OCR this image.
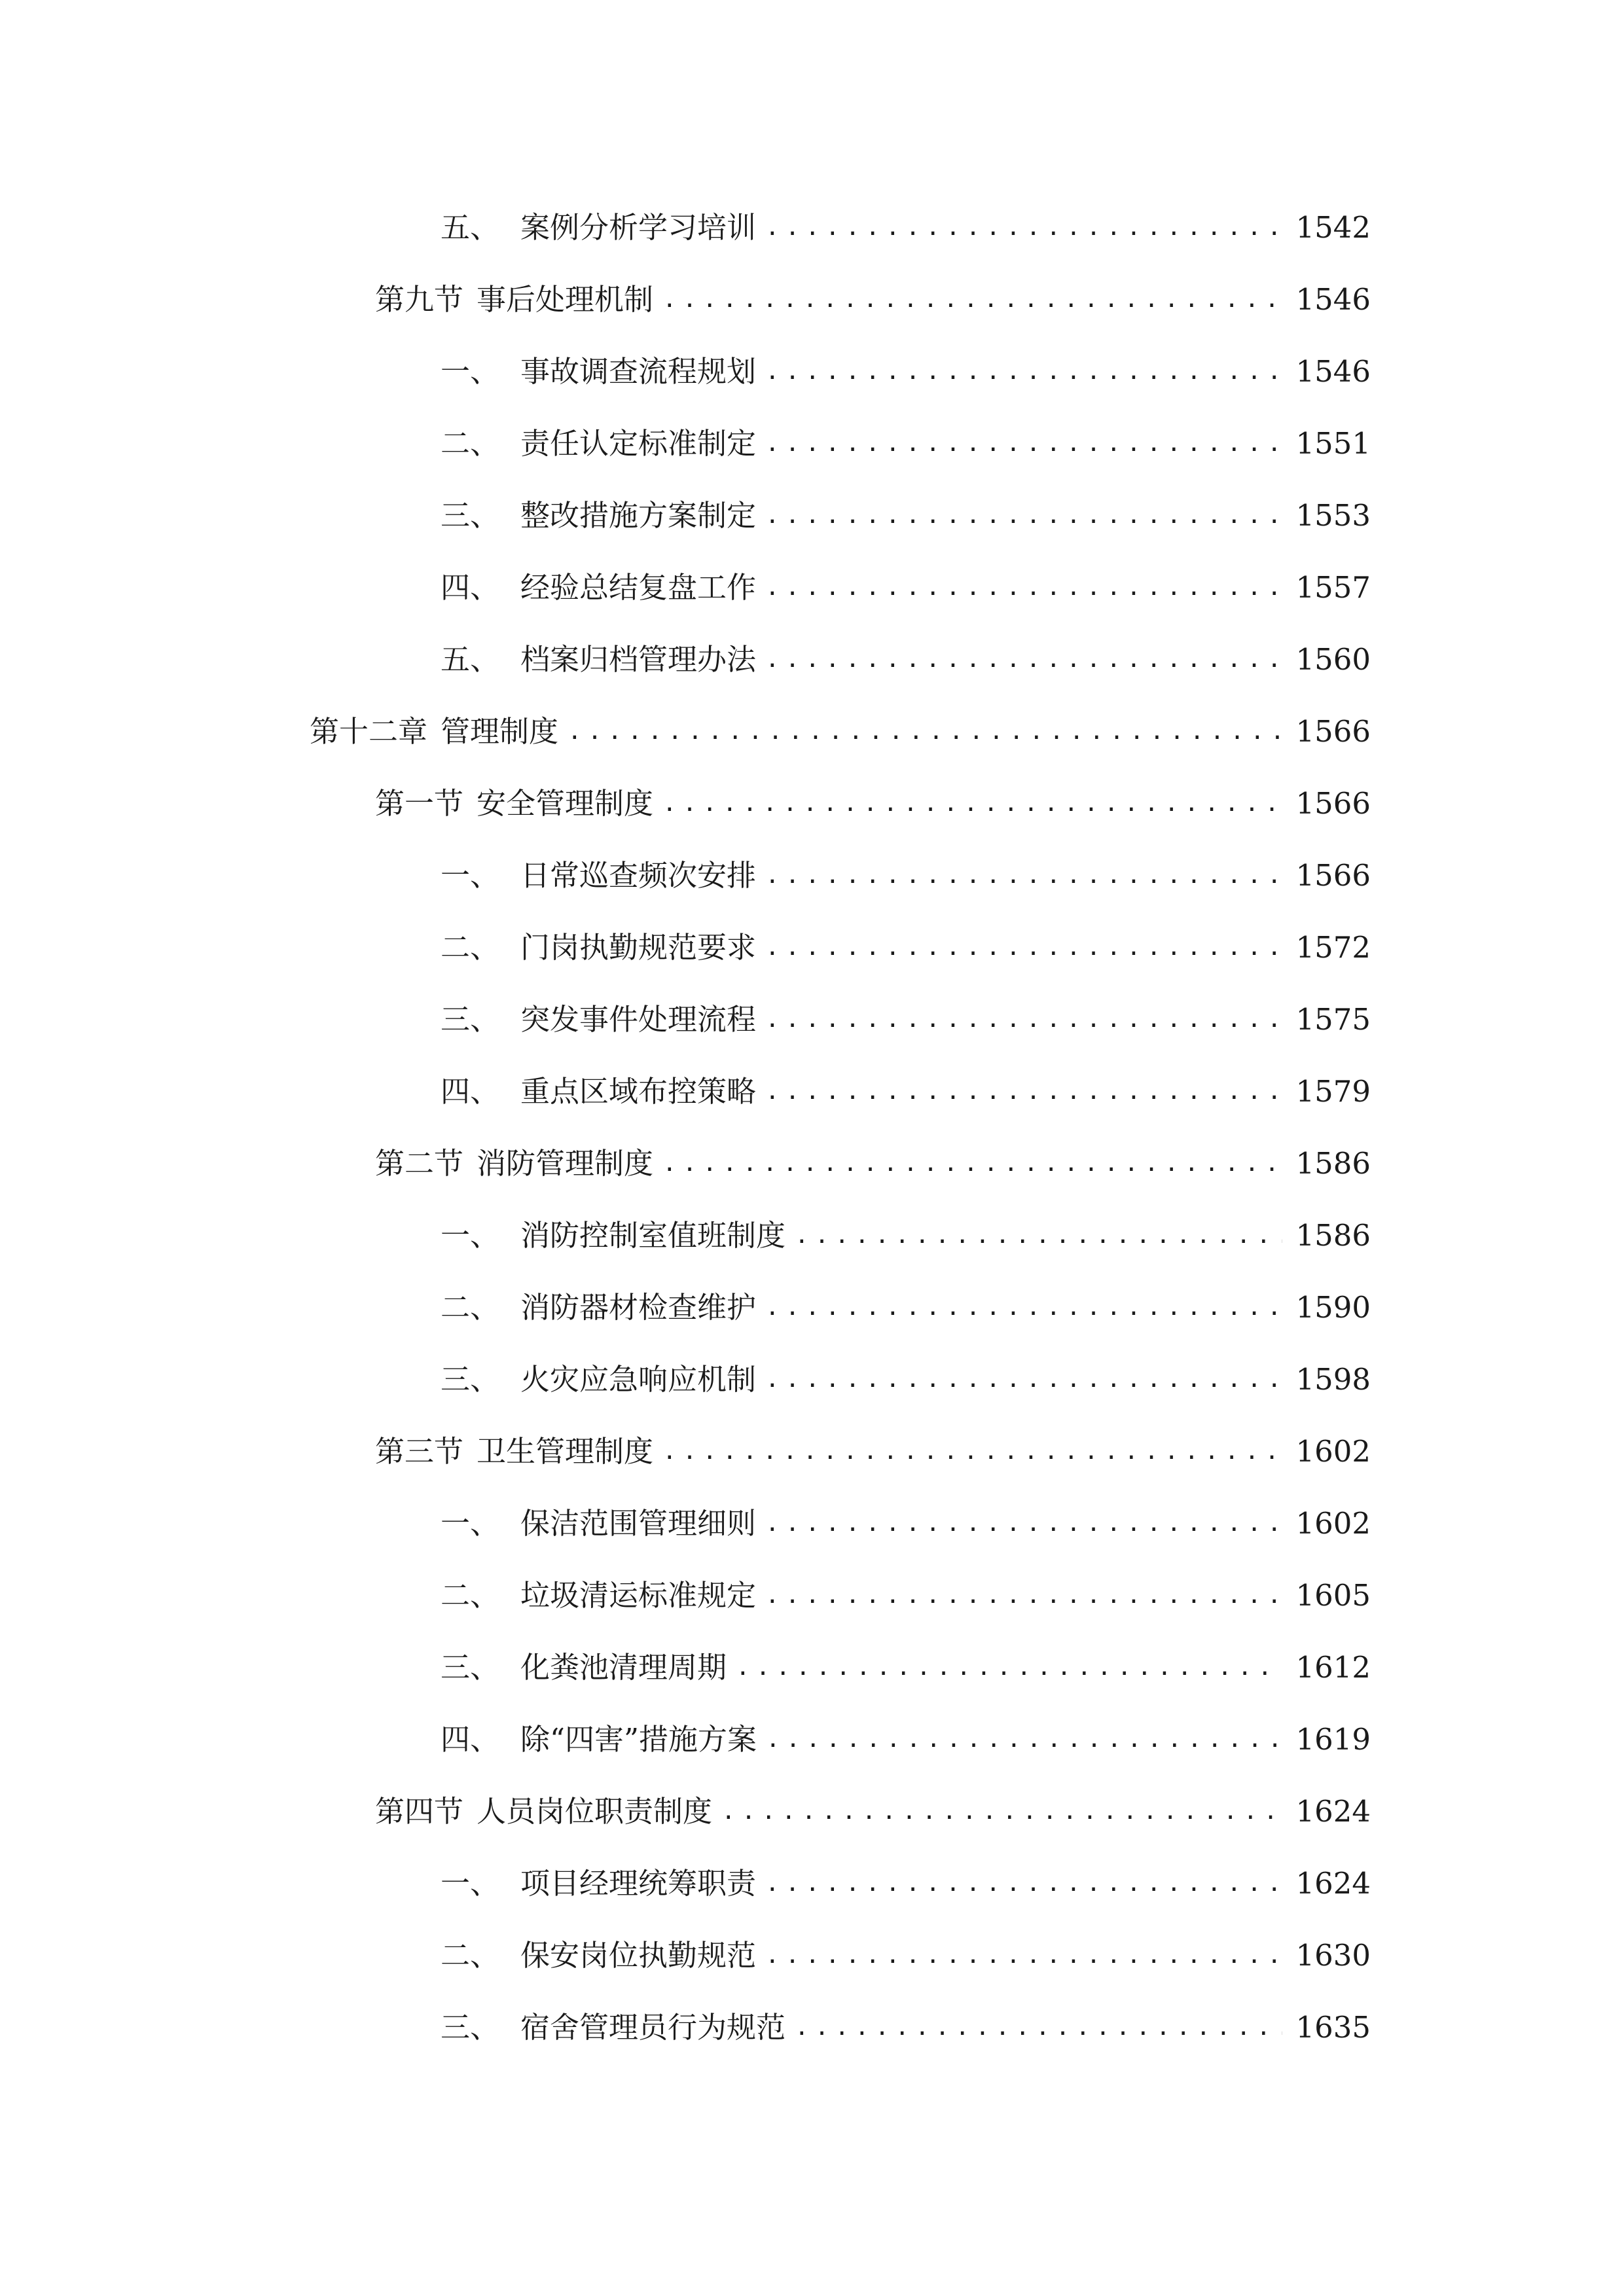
五、 案例分析学习培训 .....	1542
第九节 事后处理机制 .....	1546
一、 事故调查流程规划 .....	1546
二、 责任认定标准制定 .....	1551
三、 整改措施方案制定 .....	1553
四、 经验总结复盘工作 .....	1557
五、 档案归档管理办法 .....	1560
第十二章 管理制度 .....	1566
第一节 安全管理制度 .....	1566
一、 日常巡查频次安排 .....	1566
二、 门岗执勤规范要求 .....	1572
三、 突发事件处理流程 .....	1575
四、 重点区域布控策略 .....	1579
第二节 消防管理制度 .....	1586
一、 消防控制室值班制度 .....	1586
二、 消防器材检查维护 .....	1590
三、 火灾应急响应机制 .....	1598
第三节 卫生管理制度 .....	1602
一、 保洁范围管理细则 .....	1602
二、 垃圾清运标准规定 .....	1605
三、 化粪池清理周期 .....	1612
四、 除“四害”措施方案 .....	1619
第四节 人员岗位职责制度 .....	1624
一、 项目经理统筹职责 .....	1624
二、 保安岗位执勤规范 .....	1630
三、 宿舍管理员行为规范 .....	1635
